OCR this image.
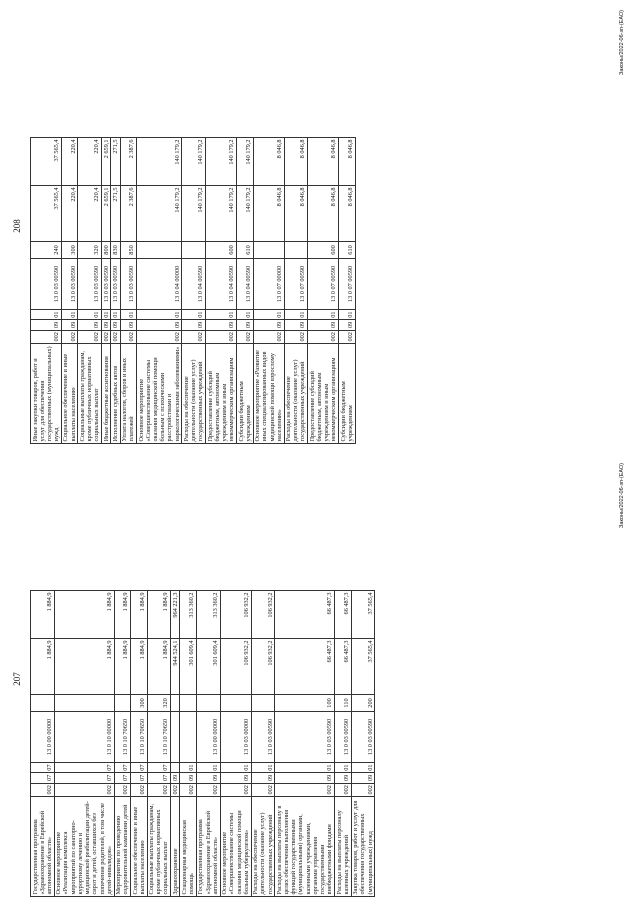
207
Государственная программа «Здравоохранение в Еврейской автономной области»	002	07	07	13 0 00 00000		1 884,9	1 884,9
Основное мероприятие «Реализация комплекса мероприятий по санаторно-курортному лечению и медицинской реабилитации детей-сирот и детей, оставшихся без попечения родителей, в том числе детей-инвалидов»	002	07	07	13 0 10 00000		1 884,9	1 884,9
Мероприятия по проведению оздоровительной кампании детей	002	07	07	13 0 10 70650		1 884,9	1 884,9
Социальное обеспечение и иные выплаты населению	002	07	07	13 0 10 70650	300	1 884,9	1 884,9
Социальные выплаты гражданам, кроме публичных нормативных социальных выплат	002	07	07	13 0 10 70650	320	1 884,9	1 884,9
Здравоохранение	002	09				944 524,1	964 221,3
Стационарная медицинская помощь	002	09	01			301 609,4	313 360,2
Государственная программа «Здравоохранение в Еврейской автономной области»	002	09	01	13 0 00 00000		301 609,4	313 360,2
Основное мероприятие «Совершенствование системы оказания медицинской помощи больным туберкулезом»	002	09	01	13 0 03 00000		106 932,2	106 932,2
Расходы на обеспечение деятельности (оказание услуг) государственных учреждений	002	09	01	13 0 03 00590		106 932,2	106 932,2
Расходы на выплаты персоналу в целях обеспечения выполнения функций государственными (муниципальными) органами, казенными учреждениями, органами управления государственными внебюджетными фондами	002	09	01	13 0 03 00590	100	66 487,3	66 487,3
Расходы на выплаты персоналу казенных учреждений	002	09	01	13 0 03 00590	110	66 487,3	66 487,3
Закупка товаров, работ и услуг для обеспечения государственных (муниципальных) нужд	002	09	01	13 0 03 00590	200	37 565,4	37 565,4
Законы/2022-06-зп-(ЕАО)
208
Иные закупки товаров, работ и услуг для обеспечения государственных (муниципальных) нужд	002	09	01	13 0 03 00590	240	37 565,4	37 565,4
Социальное обеспечение и иные выплаты населению	002	09	01	13 0 03 00590	300	220,4	220,4
Социальные выплаты гражданам, кроме публичных нормативных социальных выплат	002	09	01	13 0 03 00590	320	220,4	220,4
Иные бюджетные ассигнования	002	09	01	13 0 03 00590	800	2 659,1	2 659,1
Исполнение судебных актов	002	09	01	13 0 03 00590	830	271,5	271,5
Уплата налогов, сборов и иных платежей	002	09	01	13 0 03 00590	850	2 387,6	2 387,6
Основное мероприятие «Совершенствование системы оказания медицинской помощи больным с психическими расстройствами и наркологическими заболеваниями»	002	09	01	13 0 04 00000		140 179,2	140 179,2
Расходы на обеспечение деятельности (оказание услуг) государственных учреждений	002	09	01	13 0 04 00590		140 179,2	140 179,2
Предоставление субсидий бюджетным, автономным учреждениям и иным некоммерческим организациям	002	09	01	13 0 04 00590	600	140 179,2	140 179,2
Субсидии бюджетным учреждениям	002	09	01	13 0 04 00590	610	140 179,2	140 179,2
Основное мероприятие «Развитие иных специализированных видов медицинской помощи взрослому населению»	002	09	01	13 0 07 00000		8 046,8	8 046,8
Расходы на обеспечение деятельности (оказание услуг) государственных учреждений	002	09	01	13 0 07 00590		8 046,8	8 046,8
Предоставление субсидий бюджетным, автономным учреждениям и иным некоммерческим организациям	002	09	01	13 0 07 00590	600	8 046,8	8 046,8
Субсидии бюджетным учреждениям	002	09	01	13 0 07 00590	610	8 046,8	8 046,8
Законы/2022-06-зп-(ЕАО)
